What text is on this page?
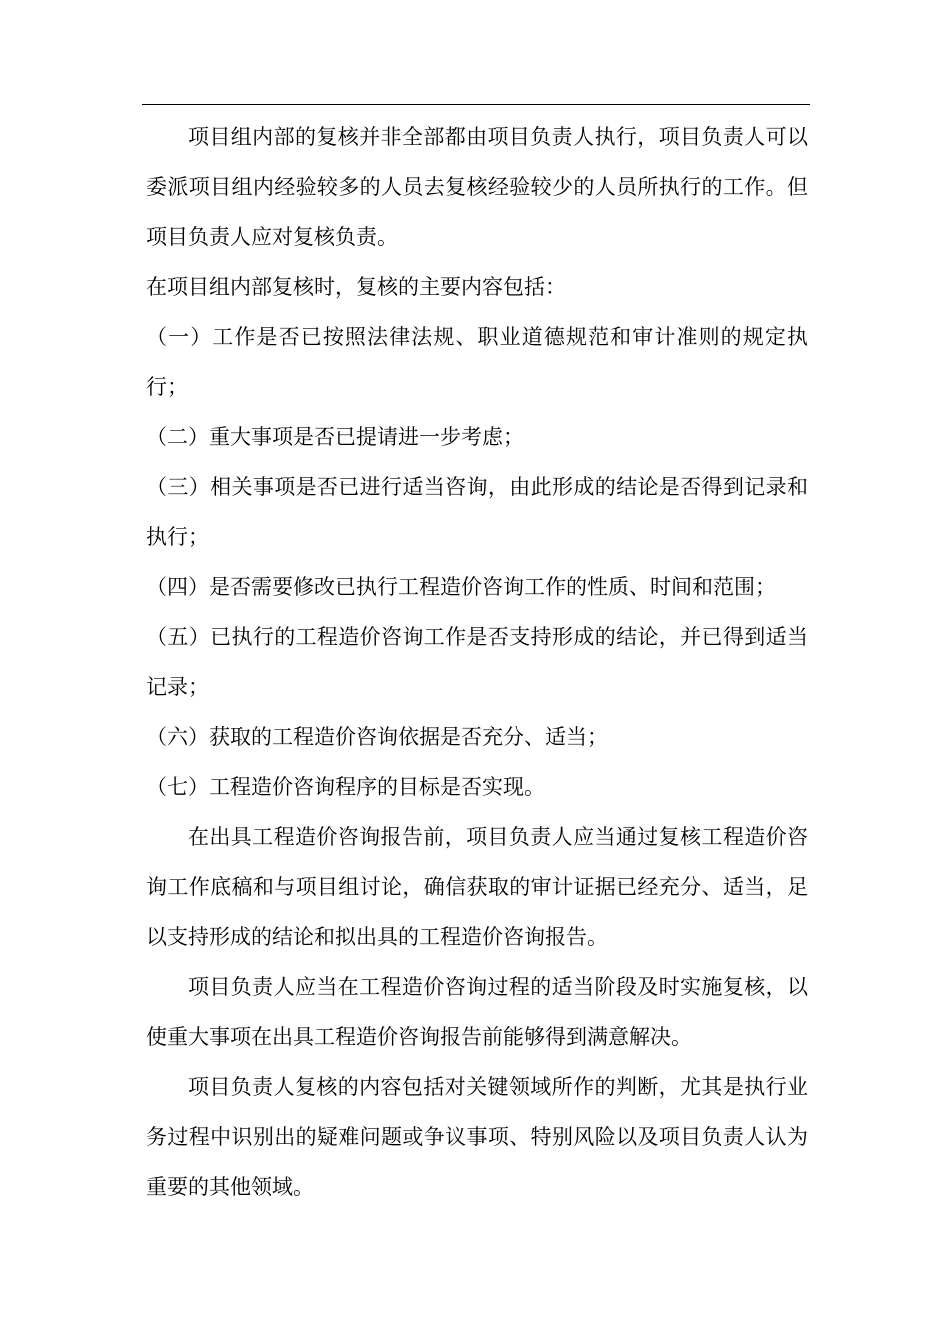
项目组内部的复核并非全部都由项目负责人执行，项目负责人可以委派项目组内经验较多的人员去复核经验较少的人员所执行的工作。但项目负责人应对复核负责。

在项目组内部复核时，复核的主要内容包括：

（一）工作是否已按照法律法规、职业道德规范和审计准则的规定执行；

（二）重大事项是否已提请进一步考虑；

（三）相关事项是否已进行适当咨询，由此形成的结论是否得到记录和执行；

（四）是否需要修改已执行工程造价咨询工作的性质、时间和范围；

（五）已执行的工程造价咨询工作是否支持形成的结论，并已得到适当记录；

（六）获取的工程造价咨询依据是否充分、适当；

（七）工程造价咨询程序的目标是否实现。

在出具工程造价咨询报告前，项目负责人应当通过复核工程造价咨询工作底稿和与项目组讨论，确信获取的审计证据已经充分、适当，足以支持形成的结论和拟出具的工程造价咨询报告。

项目负责人应当在工程造价咨询过程的适当阶段及时实施复核，以使重大事项在出具工程造价咨询报告前能够得到满意解决。

项目负责人复核的内容包括对关键领域所作的判断，尤其是执行业务过程中识别出的疑难问题或争议事项、特别风险以及项目负责人认为重要的其他领域。
